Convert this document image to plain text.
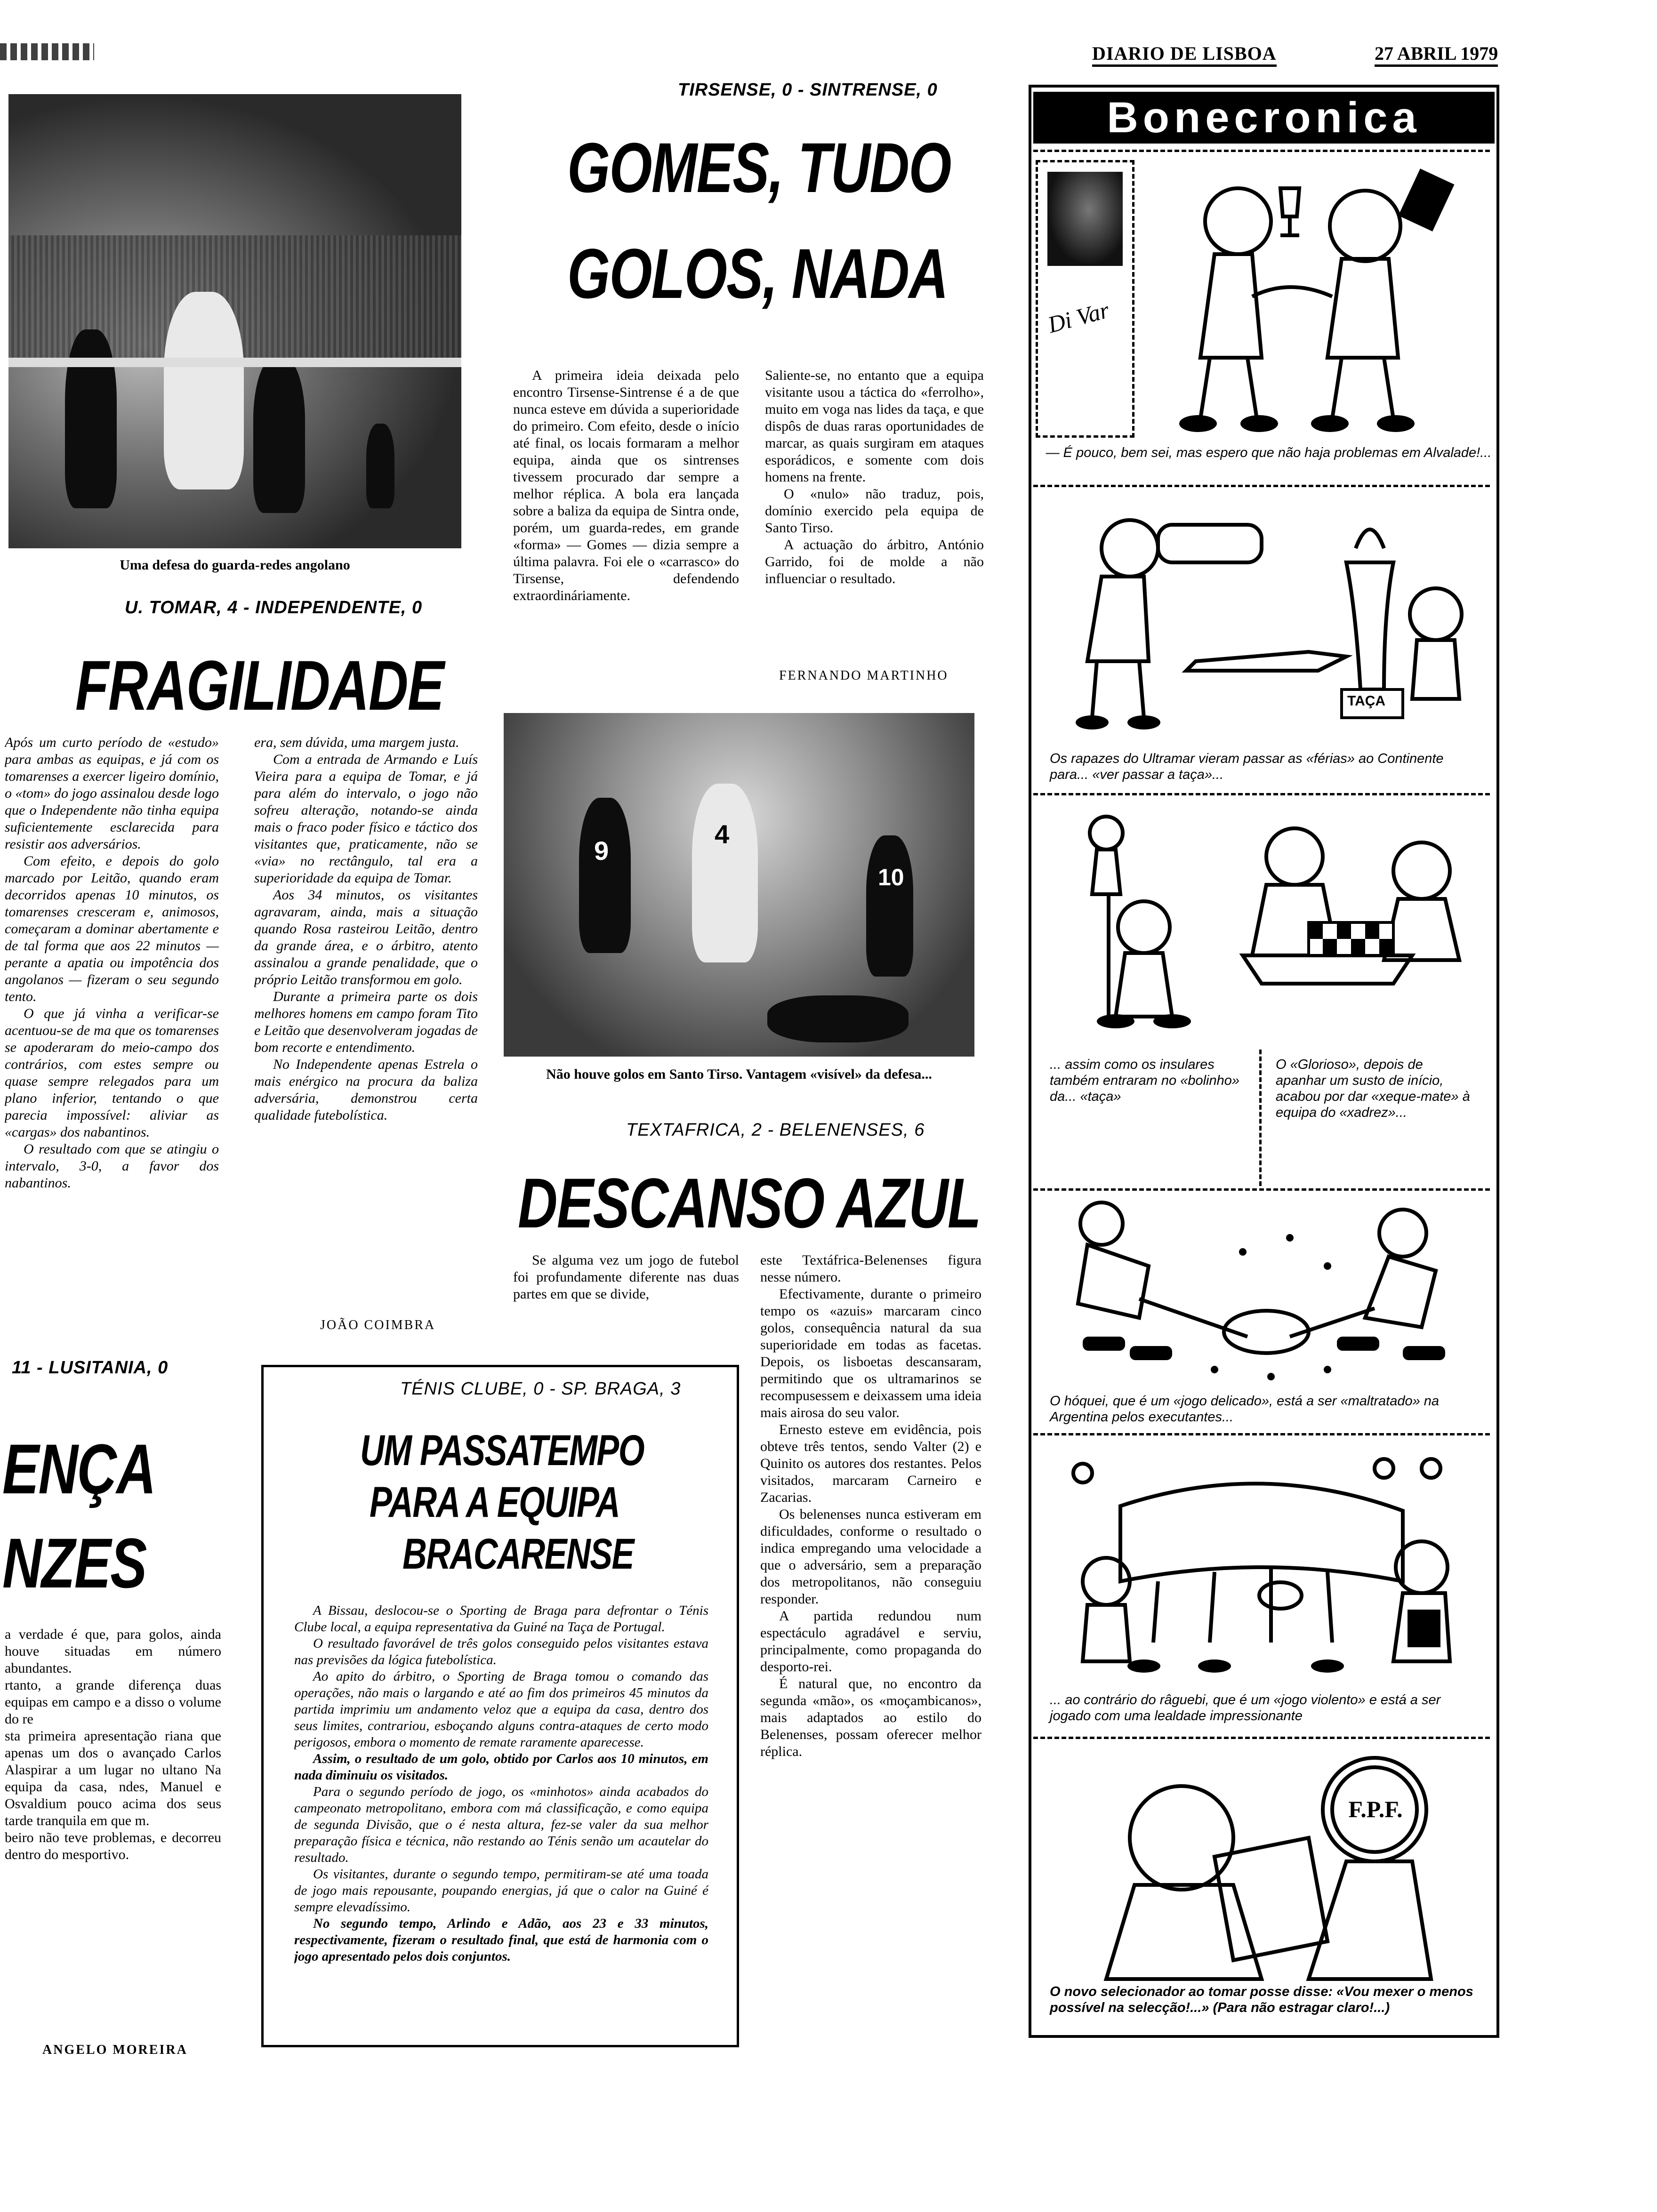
DIARIO DE LISBOA	27 ABRIL 1979
Uma defesa do guarda-redes angolano
U. TOMAR, 4 - INDEPENDENTE, 0
FRAGILIDADE

Após um curto período de «estudo» para ambas as equipas, e já com os tomarenses a exercer ligeiro domínio, o «tom» do jogo assinalou desde logo que o Independente não tinha equipa suficientemente esclarecida para resistir aos adversários.

Com efeito, e depois do golo marcado por Leitão, quando eram decorridos apenas 10 minutos, os tomarenses cresceram e, animosos, começaram a dominar abertamente e de tal forma que aos 22 minutos — perante a apatia ou impotência dos angolanos — fizeram o seu segundo tento.

O que já vinha a verificar-se acentuou-se de ma que os tomarenses se apoderaram do meio-campo dos contrários, com estes sempre ou quase sempre relegados para um plano inferior, tentando o que parecia impossível: aliviar as «cargas» dos nabantinos.

O resultado com que se atingiu o intervalo, 3-0, a favor dos nabantinos.

era, sem dúvida, uma margem justa.

Com a entrada de Armando e Luís Vieira para a equipa de Tomar, e já para além do intervalo, o jogo não sofreu alteração, notando-se ainda mais o fraco poder físico e táctico dos visitantes que, praticamente, não se «via» no rectângulo, tal era a superioridade da equipa de Tomar.

Aos 34 minutos, os visitantes agravaram, ainda, mais a situação quando Rosa rasteirou Leitão, dentro da grande área, e o árbitro, atento assinalou a grande penalidade, que o próprio Leitão transformou em golo.

Durante a primeira parte os dois melhores homens em campo foram Tito e Leitão que desenvolveram jogadas de bom recorte e entendimento.

No Independente apenas Estrela o mais enérgico na procura da baliza adversária, demonstrou certa qualidade futebolística.

JOÃO COIMBRA
11 - LUSITANIA, 0
ENÇA
NZES

a verdade é que, para golos, ainda houve situadas em número abundantes.

rtanto, a grande diferença duas equipas em campo e a disso o volume do re

sta primeira apresentação riana que apenas um dos o avançado Carlos Alaspirar a um lugar no ultano Na equipa da casa, ndes, Manuel e Osvaldium pouco acima dos seus tarde tranquila em que m.

beiro não teve problemas, e decorreu dentro do mesportivo.

ANGELO MOREIRA
TIRSENSE, 0 - SINTRENSE, 0
GOMES, TUDO
GOLOS, NADA

A primeira ideia deixada pelo encontro Tirsense-Sintrense é a de que nunca esteve em dúvida a superioridade do primeiro. Com efeito, desde o início até final, os locais formaram a melhor equipa, ainda que os sintrenses tivessem procurado dar sempre a melhor réplica. A bola era lançada sobre a baliza da equipa de Sintra onde, porém, um guarda-redes, em grande «forma» — Gomes — dizia sempre a última palavra. Foi ele o «carrasco» do Tirsense, defendendo extraordináriamente.

Saliente-se, no entanto que a equipa visitante usou a táctica do «ferrolho», muito em voga nas lides da taça, e que dispôs de duas raras oportunidades de marcar, as quais surgiram em ataques esporádicos, e somente com dois homens na frente.

O «nulo» não traduz, pois, domínio exercido pela equipa de Santo Tirso.

A actuação do árbitro, António Garrido, foi de molde a não influenciar o resultado.

FERNANDO MARTINHO
9
4
10
Não houve golos em Santo Tirso. Vantagem «visível» da defesa...
TEXTAFRICA, 2 - BELENENSES, 6
DESCANSO AZUL

Se alguma vez um jogo de futebol foi profundamente diferente nas duas partes em que se divide,

este Textáfrica-Belenenses figura nesse número.

Efectivamente, durante o primeiro tempo os «azuis» marcaram cinco golos, consequência natural da sua superioridade em todas as facetas. Depois, os lisboetas descansaram, permitindo que os ultramarinos se recompusessem e deixassem uma ideia mais airosa do seu valor.

Ernesto esteve em evidência, pois obteve três tentos, sendo Valter (2) e Quinito os autores dos restantes. Pelos visitados, marcaram Carneiro e Zacarias.

Os belenenses nunca estiveram em dificuldades, conforme o resultado o indica empregando uma velocidade a que o adversário, sem a preparação dos metropolitanos, não conseguiu responder.

A partida redundou num espectáculo agradável e serviu, principalmente, como propaganda do desporto-rei.

É natural que, no encontro da segunda «mão», os «moçambicanos», mais adaptados ao estilo do Belenenses, possam oferecer melhor réplica.

TÉNIS CLUBE, 0 - SP. BRAGA, 3
UM PASSATEMPO
PARA A EQUIPA
BRACARENSE

A Bissau, deslocou-se o Sporting de Braga para defrontar o Ténis Clube local, a equipa representativa da Guiné na Taça de Portugal.

O resultado favorável de três golos conseguido pelos visitantes estava nas previsões da lógica futebolística.

Ao apito do árbitro, o Sporting de Braga tomou o comando das operações, não mais o largando e até ao fim dos primeiros 45 minutos da partida imprimiu um andamento veloz que a equipa da casa, dentro dos seus limites, contrariou, esboçando alguns contra-ataques de certo modo perigosos, embora o momento de remate raramente aparecesse.

Assim, o resultado de um golo, obtido por Carlos aos 10 minutos, em nada diminuiu os visitados.

Para o segundo período de jogo, os «minhotos» ainda acabados do campeonato metropolitano, embora com má classificação, e como equipa de segunda Divisão, que o é nesta altura, fez-se valer da sua melhor preparação física e técnica, não restando ao Ténis senão um acautelar do resultado.

Os visitantes, durante o segundo tempo, permitiram-se até uma toada de jogo mais repousante, poupando energias, já que o calor na Guiné é sempre elevadíssimo.

No segundo tempo, Arlindo e Adão, aos 23 e 33 minutos, respectivamente, fizeram o resultado final, que está de harmonia com o jogo apresentado pelos dois conjuntos.

Bonecronica
Di Var
— É pouco, bem sei, mas espero que não haja problemas em Alvalade!...
TAÇA
Os rapazes do Ultramar vieram passar as «férias» ao Continente para... «ver passar a taça»...
... assim como os insulares também entraram no «bolinho» da... «taça»
O «Glorioso», depois de apanhar um susto de início, acabou por dar «xeque-mate» à equipa do «xadrez»...
O hóquei, que é um «jogo delicado», está a ser «maltratado» na Argentina pelos executantes...
... ao contrário do râguebi, que é um «jogo violento» e está a ser jogado com uma lealdade impressionante
F.P.F.
O novo selecionador ao tomar posse disse: «Vou mexer o menos possível na selecção!...» (Para não estragar claro!...)
